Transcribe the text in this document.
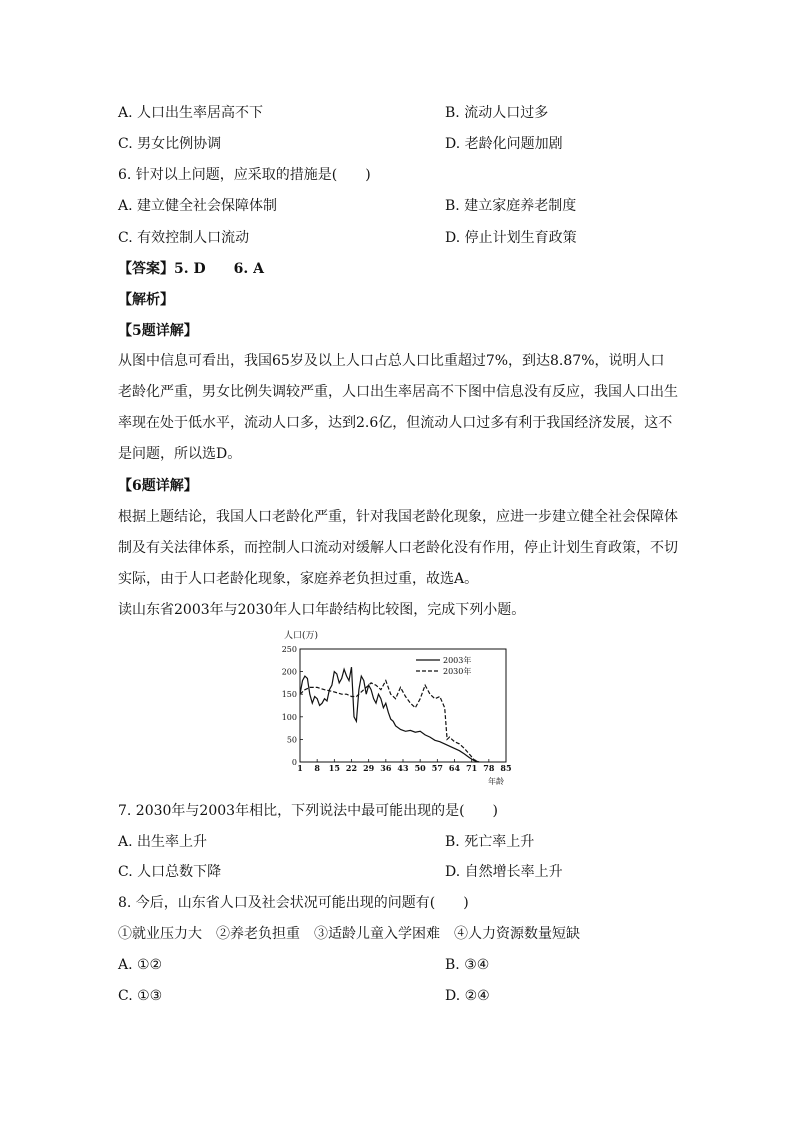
A. 人口出生率居高不下	B. 流动人口过多
C. 男女比例协调	D. 老龄化问题加剧
6. 针对以上问题，应采取的措施是(　　)
A. 建立健全社会保障体制	B. 建立家庭养老制度
C. 有效控制人口流动	D. 停止计划生育政策
【答案】5. D　　6. A
【解析】
【5题详解】
从图中信息可看出，我国65岁及以上人口占总人口比重超过7%，到达8.87%，说明人口老龄化严重，男女比例失调较严重，人口出生率居高不下图中信息没有反应，我国人口出生率现在处于低水平，流动人口多，达到2.6亿，但流动人口过多有利于我国经济发展，这不是问题，所以选D。
【6题详解】
根据上题结论，我国人口老龄化严重，针对我国老龄化现象，应进一步建立健全社会保障体制及有关法律体系，而控制人口流动对缓解人口老龄化没有作用，停止计划生育政策，不切实际，由于人口老龄化现象，家庭养老负担过重，故选A。
读山东省2003年与2030年人口年龄结构比较图，完成下列小题。
人口(万)
0
50
100
150
200
250
1 8 15 22 29 36 43 50 57 64 71 78 85
2003年
2030年
年龄
7. 2030年与2003年相比，下列说法中最可能出现的是(　　)
A. 出生率上升	B. 死亡率上升
C. 人口总数下降	D. 自然增长率上升
8. 今后，山东省人口及社会状况可能出现的问题有(　　)
①就业压力大　②养老负担重　③适龄儿童入学困难　④人力资源数量短缺
A. ①②	B. ③④
C. ①③	D. ②④
